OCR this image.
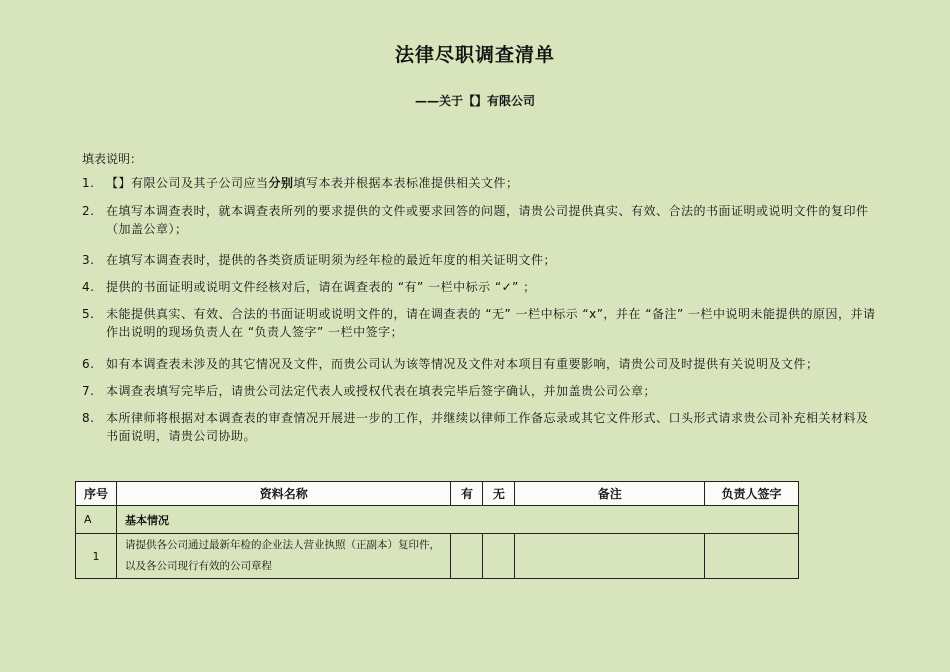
法律尽职调查清单
——关于【】有限公司
填表说明：
1. 【】有限公司及其子公司应当分别填写本表并根据本表标准提供相关文件；
2. 在填写本调查表时，就本调查表所列的要求提供的文件或要求回答的问题，请贵公司提供真实、有效、合法的书面证明或说明文件的复印件（加盖公章）；
3. 在填写本调查表时，提供的各类资质证明须为经年检的最近年度的相关证明文件；
4. 提供的书面证明或说明文件经核对后，请在调查表的 “有” 一栏中标示 “✓” ；
5. 未能提供真实、有效、合法的书面证明或说明文件的，请在调查表的 “无” 一栏中标示 “x”，并在 “备注” 一栏中说明未能提供的原因，并请作出说明的现场负责人在 “负责人签字” 一栏中签字；
6. 如有本调查表未涉及的其它情况及文件，而贵公司认为该等情况及文件对本项目有重要影响，请贵公司及时提供有关说明及文件；
7. 本调查表填写完毕后，请贵公司法定代表人或授权代表在填表完毕后签字确认，并加盖贵公司公章；
8. 本所律师将根据对本调查表的审查情况开展进一步的工作，并继续以律师工作备忘录或其它文件形式、口头形式请求贵公司补充相关材料及书面说明，请贵公司协助。
序号	资料名称	有	无	备注	负责人签字
A	基本情况				
1	请提供各公司通过最新年检的企业法人营业执照（正副本）复印件，以及各公司现行有效的公司章程				
